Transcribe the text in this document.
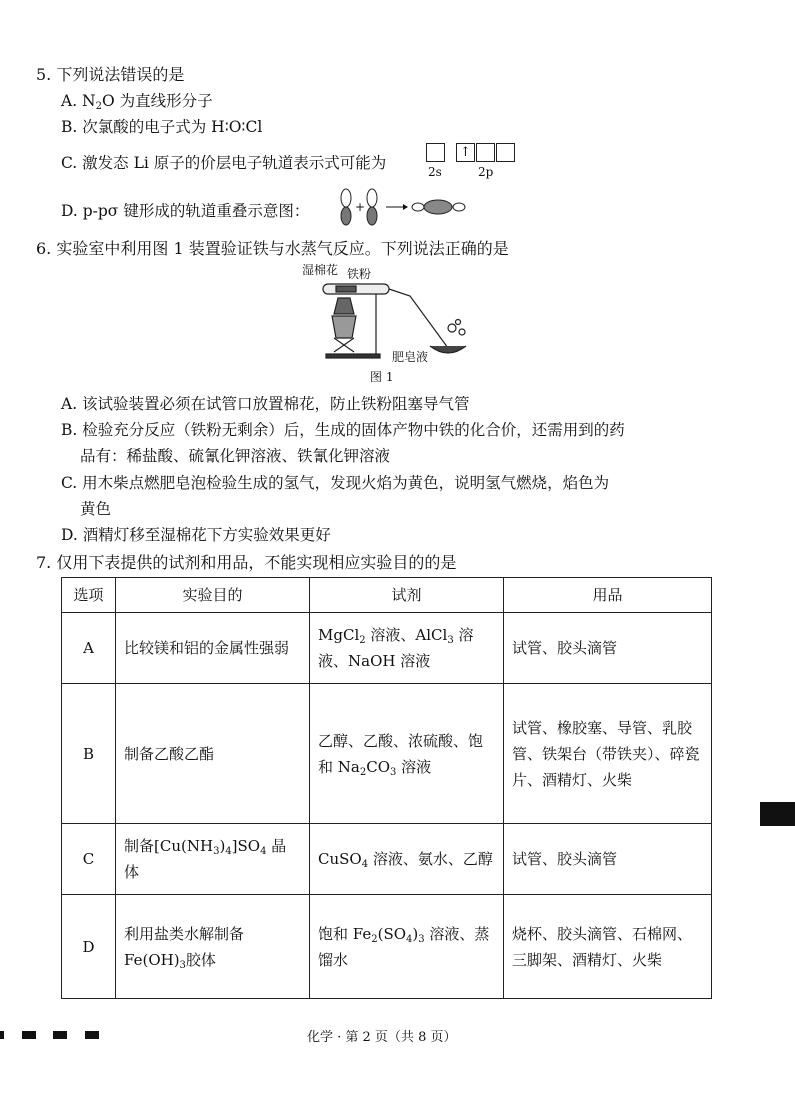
5. 下列说法错误的是
A. $N_2O$ 为直线形分子
B. 次氯酸的电子式为 H∶O∶Cl
C. 激发态 Li 原子的价层电子轨道表示式可能为
↑
2s	2p
D. p-pσ 键形成的轨道重叠示意图：	+
6. 实验室中利用图 1 装置验证铁与水蒸气反应。下列说法正确的是
湿棉花 铁粉
肥皂液
图 1
A. 该试验装置必须在试管口放置棉花，防止铁粉阻塞导气管
B. 检验充分反应（铁粉无剩余）后，生成的固体产物中铁的化合价，还需用到的药
品有：稀盐酸、硫氰化钾溶液、铁氰化钾溶液
C. 用木柴点燃肥皂泡检验生成的氢气，发现火焰为黄色，说明氢气燃烧，焰色为
黄色
D. 酒精灯移至湿棉花下方实验效果更好
7. 仅用下表提供的试剂和用品，不能实现相应实验目的的是
选项	实验目的	试剂	用品
A	比较镁和铝的金属性强弱	MgCl$_2$ 溶液、AlCl$_3$ 溶液、NaOH 溶液	试管、胶头滴管
B	制备乙酸乙酯	乙醇、乙酸、浓硫酸、饱和 $Na_2CO_3$ 溶液	试管、橡胶塞、导管、乳胶管、铁架台（带铁夹）、碎瓷片、酒精灯、火柴
C	制备$[Cu(NH_3)_4]SO_4$ 晶体	CuSO$_4$ 溶液、氨水、乙醇	试管、胶头滴管
D	利用盐类水解制备$Fe(OH)_3$胶体	饱和 $Fe_2(SO_4)_3$ 溶液、蒸馏水	烧杯、胶头滴管、石棉网、三脚架、酒精灯、火柴
化学 · 第 2 页（共 8 页）
